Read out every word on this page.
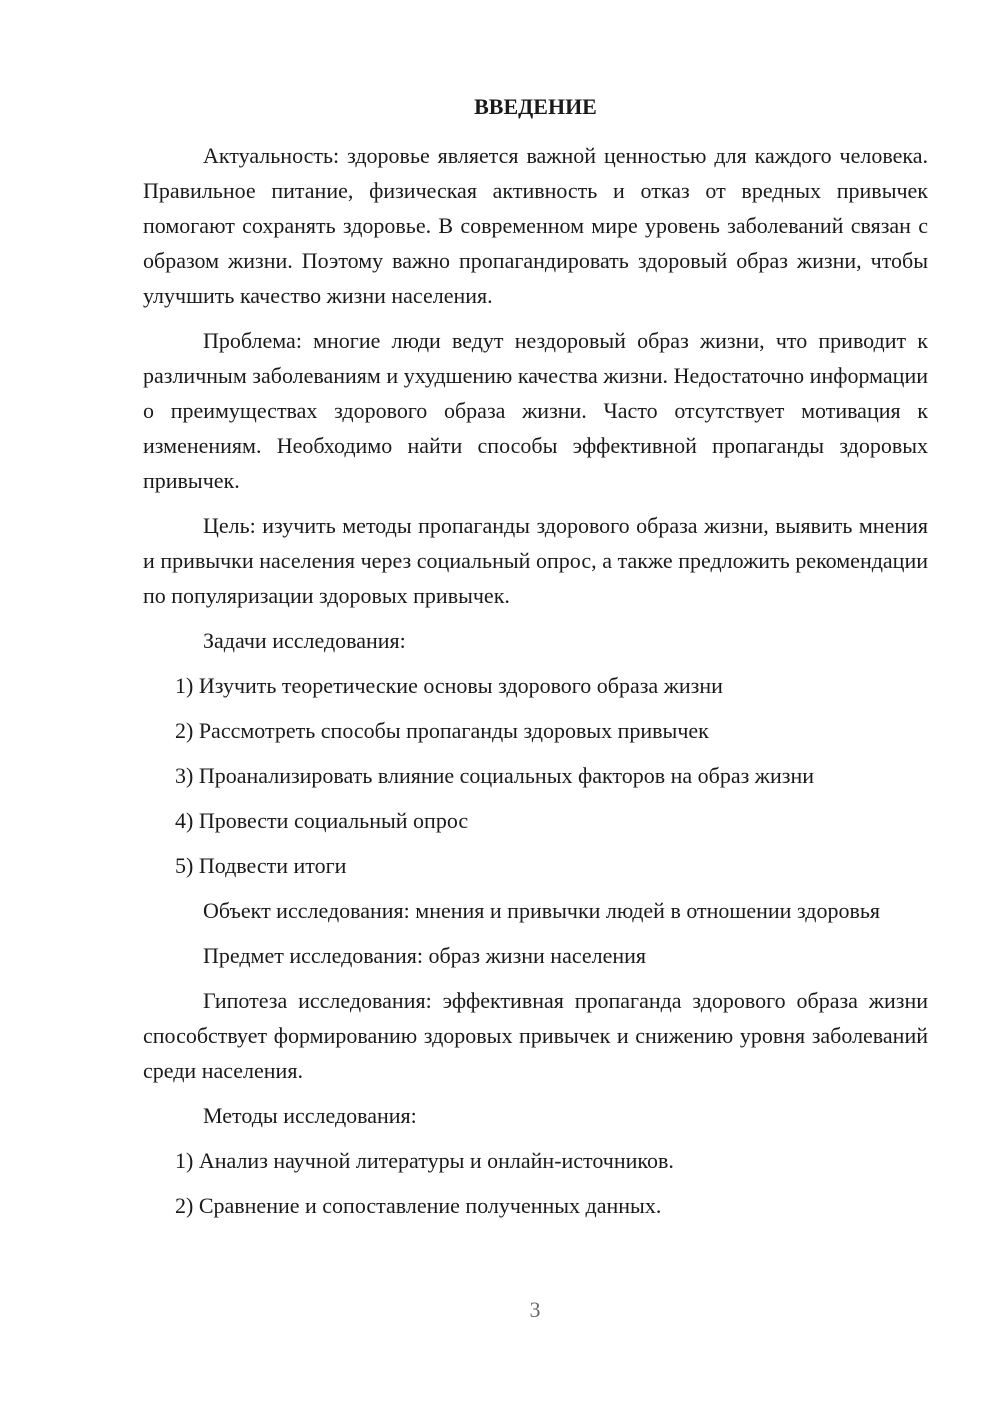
ВВЕДЕНИЕ

Актуальность: здоровье является важной ценностью для каждого человека. Правильное питание, физическая активность и отказ от вредных привычек помогают сохранять здоровье. В современном мире уровень заболеваний связан с образом жизни. Поэтому важно пропагандировать здоровый образ жизни, чтобы улучшить качество жизни населения.

Проблема: многие люди ведут нездоровый образ жизни, что приводит к различным заболеваниям и ухудшению качества жизни. Недостаточно информации о преимуществах здорового образа жизни. Часто отсутствует мотивация к изменениям. Необходимо найти способы эффективной пропаганды здоровых привычек.

Цель: изучить методы пропаганды здорового образа жизни, выявить мнения и привычки населения через социальный опрос, а также предложить рекомендации по популяризации здоровых привычек.

Задачи исследования:

1) Изучить теоретические основы здорового образа жизни
2) Рассмотреть способы пропаганды здоровых привычек
3) Проанализировать влияние социальных факторов на образ жизни
4) Провести социальный опрос
5) Подвести итоги

Объект исследования: мнения и привычки людей в отношении здоровья

Предмет исследования: образ жизни населения

Гипотеза исследования: эффективная пропаганда здорового образа жизни способствует формированию здоровых привычек и снижению уровня заболеваний среди населения.

Методы исследования:

1) Анализ научной литературы и онлайн-источников.
2) Сравнение и сопоставление полученных данных.
3
